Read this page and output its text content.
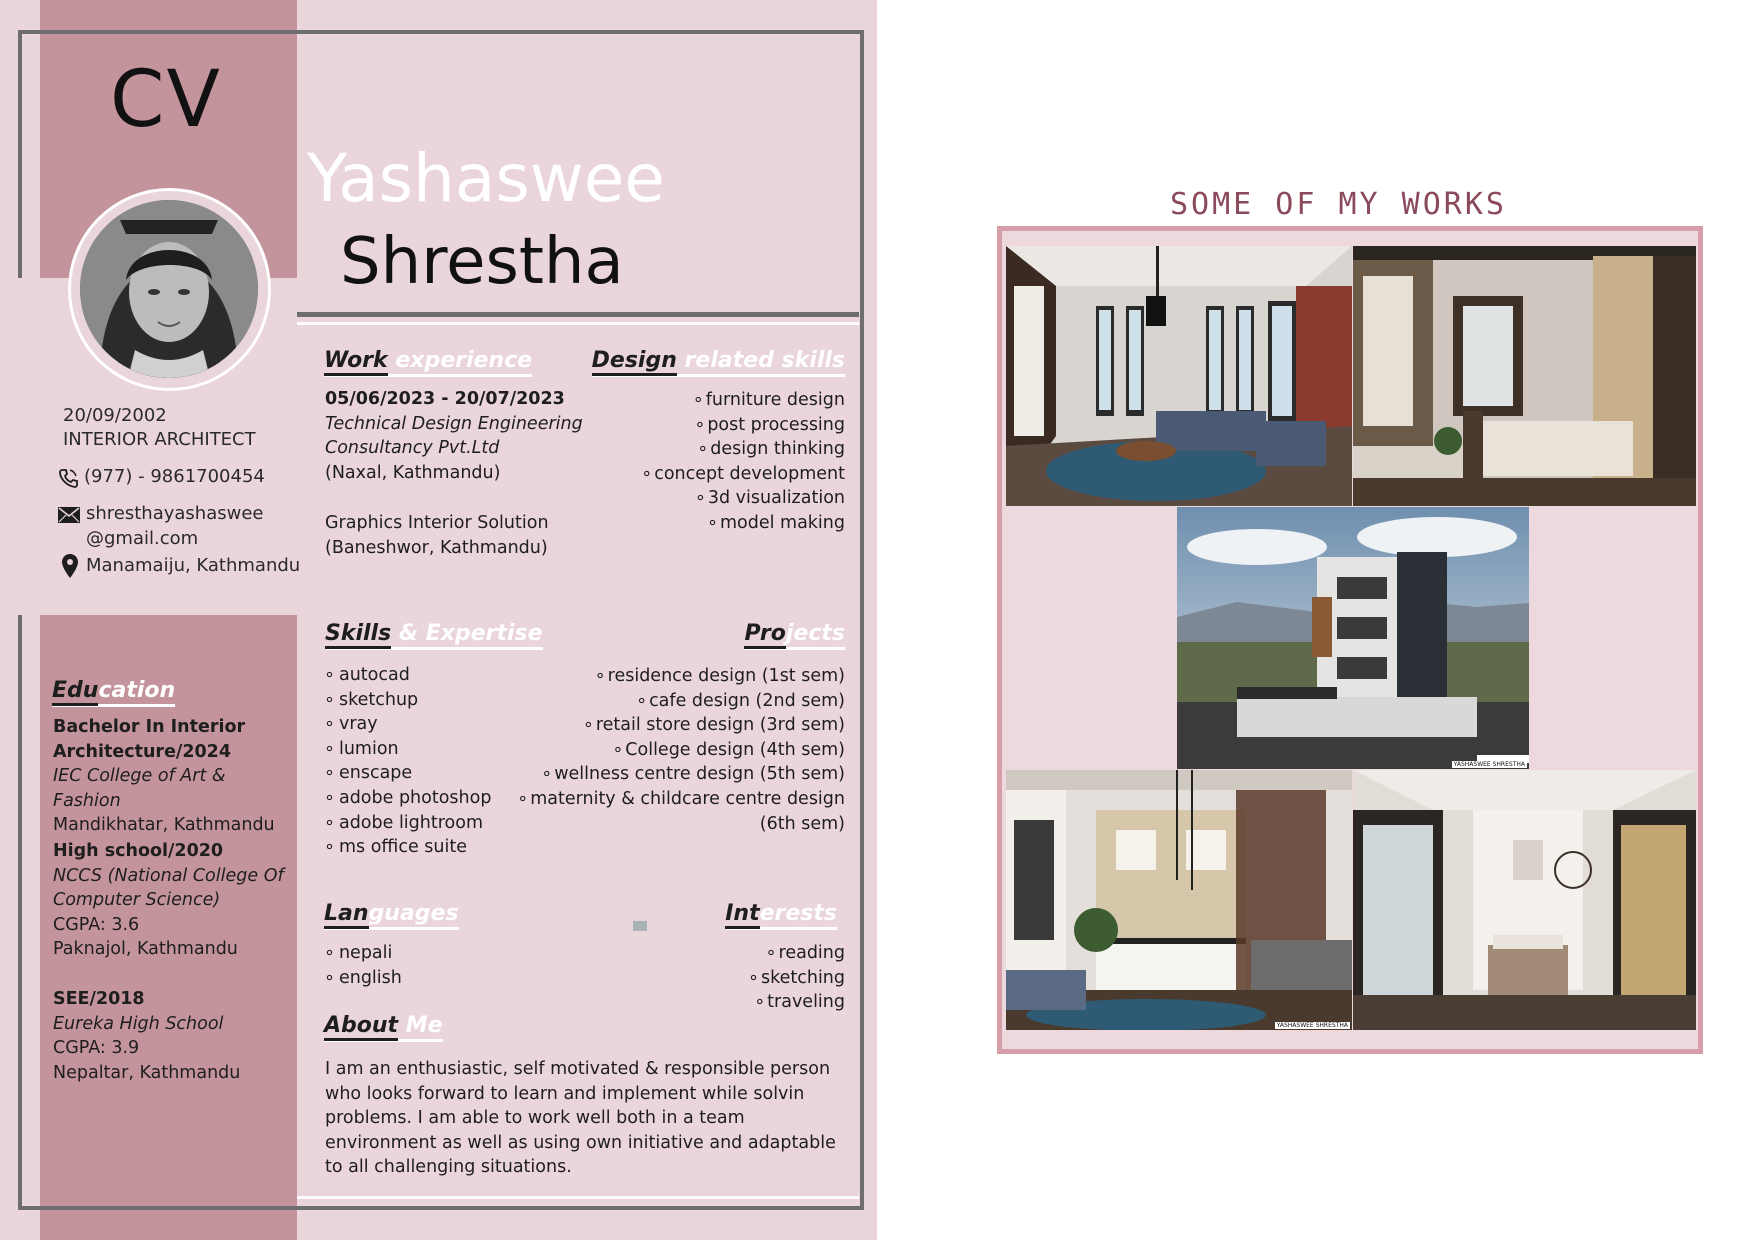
CV
Yashaswee
Shrestha
20/09/2002
INTERIOR ARCHITECT
(977) - 9861700454
shresthayashaswee
@gmail.com
Manamaiju, Kathmandu
Education
Bachelor In Interior Architecture/2024
IEC College of Art & Fashion
Mandikhatar, Kathmandu
High school/2020
NCCS (National College Of Computer Science)
CGPA: 3.6
Paknajol, Kathmandu
SEE/2018
Eureka High School
CGPA: 3.9
Nepaltar, Kathmandu
Work experience
05/06/2023 - 20/07/2023
Technical Design Engineering Consultancy Pvt.Ltd
(Naxal, Kathmandu)
Graphics Interior Solution
(Baneshwor, Kathmandu)
Design related skills
∘ furniture design
∘ post processing
∘ design thinking
∘ concept development
∘ 3d visualization
∘ model making
Skills & Expertise
∘ autocad
∘ sketchup
∘ vray
∘ lumion
∘ enscape
∘ adobe photoshop
∘ adobe lightroom
∘ ms office suite
Projects
∘ residence design (1st sem)
∘ cafe design (2nd sem)
∘ retail store design (3rd sem)
∘ College design (4th sem)
∘ wellness centre design (5th sem)
∘ maternity & childcare centre design (6th sem)
Languages
∘ nepali
∘ english
Interests
∘ reading
∘ sketching
∘ traveling
About Me
I am an enthusiastic, self motivated & responsible person who looks forward to learn and implement while solvin problems. I am able to work well both in a team environment as well as using own initiative and adaptable to all challenging situations.
SOME OF MY WORKS
YASHASWEE SHRESTHA
YASHASWEE SHRESTHA
